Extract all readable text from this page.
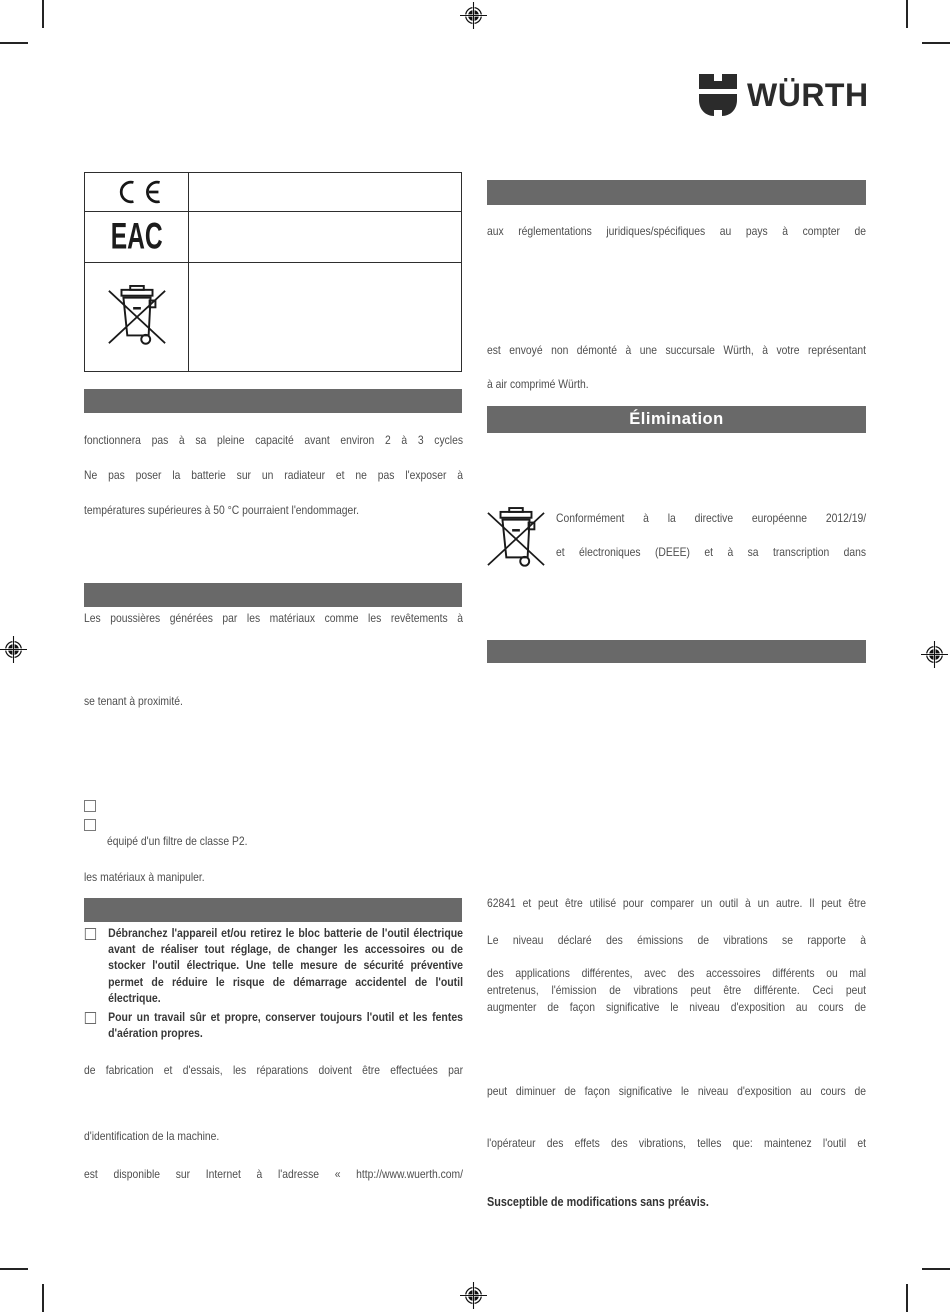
WÜRTH
EAC
fonctionnera pas à sa pleine capacité avant environ 2 à 3 cycles
Ne pas poser la batterie sur un radiateur et ne pas l'exposer à
températures supérieures à 50 °C pourraient l'endommager.
Les poussières générées par les matériaux comme les revêtements à
se tenant à proximité.
équipé d'un filtre de classe P2.
les matériaux à manipuler.
Débranchez l'appareil et/ou retirez le bloc batterie de l'outil électrique avant de réaliser tout réglage, de changer les accessoires ou de stocker l'outil électrique. Une telle mesure de sécurité préventive permet de réduire le risque de démarrage accidentel de l'outil électrique.
Pour un travail sûr et propre, conserver toujours l'outil et les fentes d'aération propres.
de fabrication et d'essais, les réparations doivent être effectuées par
d'identification de la machine.
est disponible sur Internet à l'adresse « http://www.wuerth.com/
aux réglementations juridiques/spécifiques au pays à compter de
est envoyé non démonté à une succursale Würth, à votre représentant
à air comprimé Würth.
Élimination
Conformément à la directive européenne 2012/19/
et électroniques (DEEE) et à sa transcription dans
62841 et peut être utilisé pour comparer un outil à un autre. Il peut être
Le niveau déclaré des émissions de vibrations se rapporte à
des applications différentes, avec des accessoires différents ou mal
entretenus, l'émission de vibrations peut être différente. Ceci peut
augmenter de façon significative le niveau d'exposition au cours de
peut diminuer de façon significative le niveau d'exposition au cours de
l'opérateur des effets des vibrations, telles que: maintenez l'outil et
Susceptible de modifications sans préavis.
